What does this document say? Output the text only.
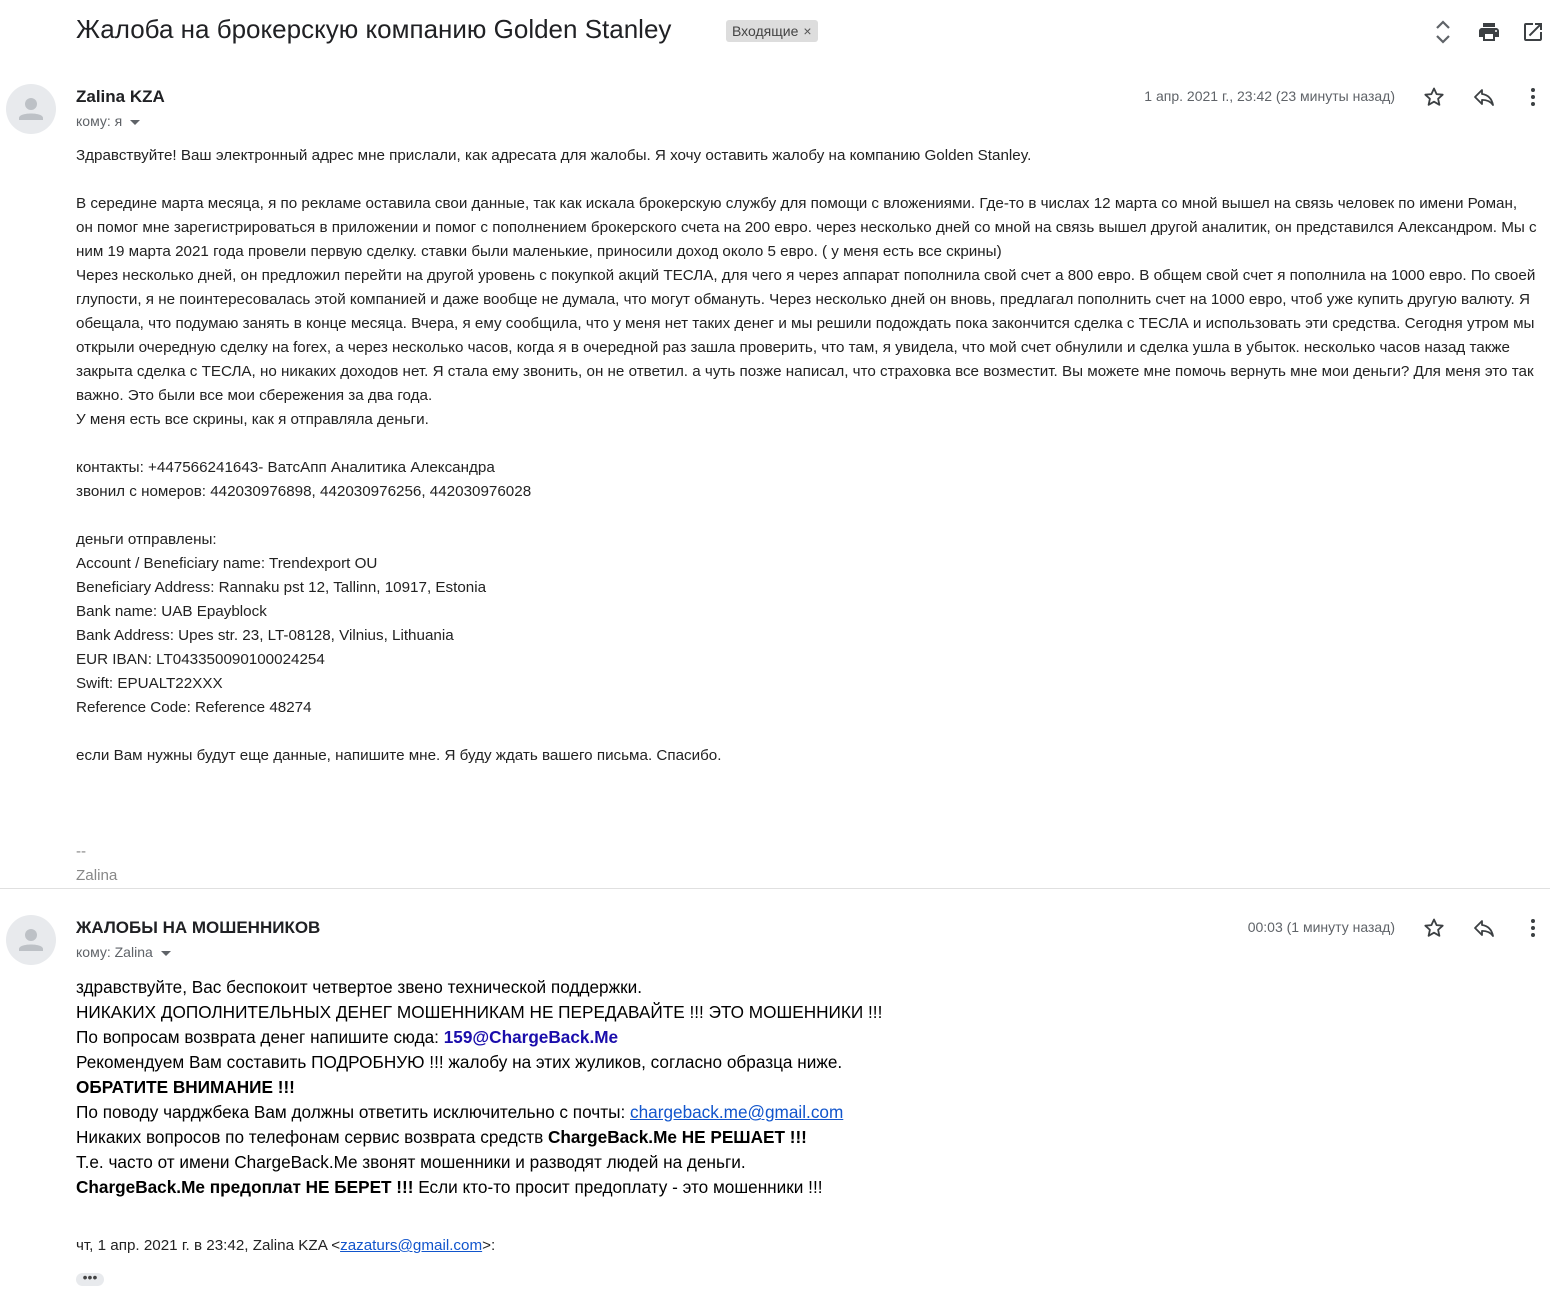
Жалоба на брокерскую компанию Golden Stanley	Входящие ×
Zalina KZA
кому: я
1 апр. 2021 г., 23:42 (23 минуты назад)

Здравствуйте! Ваш электронный адрес мне прислали, как адресата для жалобы. Я хочу оставить жалобу на компанию Golden Stanley.

В середине марта месяца, я по рекламе оставила свои данные, так как искала брокерскую службу для помощи с вложениями. Где-то в числах 12 марта со мной вышел на связь человек по имени Роман, он помог мне зарегистрироваться в приложении и помог с пополнением брокерского счета на 200 евро. через несколько дней со мной на связь вышел другой аналитик, он представился Александром. Мы с ним 19 марта 2021 года провели первую сделку. ставки были маленькие, приносили доход около 5 евро. ( у меня есть все скрины)

Через несколько дней, он предложил перейти на другой уровень с покупкой акций ТЕСЛА, для чего я через аппарат пополнила свой счет а 800 евро. В общем свой счет я пополнила на 1000 евро. По своей глупости, я не поинтересовалась этой компанией и даже вообще не думала, что могут обмануть. Через несколько дней он вновь, предлагал пополнить счет на 1000 евро, чтоб уже купить другую валюту. Я обещала, что подумаю занять в конце месяца. Вчера, я ему сообщила, что у меня нет таких денег и мы решили подождать пока закончится сделка с ТЕСЛА и использовать эти средства. Сегодня утром мы открыли очередную сделку на forex, а через несколько часов, когда я в очередной раз зашла проверить, что там, я увидела, что мой счет обнулили и сделка ушла в убыток. несколько часов назад также закрыта сделка с ТЕСЛА, но никаких доходов нет. Я стала ему звонить, он не ответил. а чуть позже написал, что страховка все возместит. Вы можете мне помочь вернуть мне мои деньги? Для меня это так важно. Это были все мои сбережения за два года.

У меня есть все скрины, как я отправляла деньги.

контакты: +447566241643- ВатсАпп Аналитика Александра

звонил с номеров: 442030976898, 442030976256, 442030976028

деньги отправлены:

Account / Beneficiary name: Trendexport OU

Beneficiary Address: Rannaku pst 12, Tallinn, 10917, Estonia

Bank name: UAB Epayblock

Bank Address: Upes str. 23, LT-08128, Vilnius, Lithuania

EUR IBAN: LT043350090100024254

Swift: EPUALT22XXX

Reference Code: Reference 48274

если Вам нужны будут еще данные, напишите мне. Я буду ждать вашего письма. Спасибо.

--

Zalina

ЖАЛОБЫ НА МОШЕННИКОВ
кому: Zalina
00:03 (1 минуту назад)

здравствуйте, Вас беспокоит четвертое звено технической поддержки.

НИКАКИХ ДОПОЛНИТЕЛЬНЫХ ДЕНЕГ МОШЕННИКАМ НЕ ПЕРЕДАВАЙТЕ !!! ЭТО МОШЕННИКИ !!!

По вопросам возврата денег напишите сюда: 159@ChargeBack.Me

Рекомендуем Вам составить ПОДРОБНУЮ !!! жалобу на этих жуликов, согласно образца ниже.

ОБРАТИТЕ ВНИМАНИЕ !!!

По поводу чарджбека Вам должны ответить исключительно с почты: chargeback.me@gmail.com

Никаких вопросов по телефонам сервис возврата средств ChargeBack.Me НЕ РЕШАЕТ !!!

Т.е. часто от имени ChargeBack.Me звонят мошенники и разводят людей на деньги.

ChargeBack.Me предоплат НЕ БЕРЕТ !!! Если кто-то просит предоплату - это мошенники !!!

чт, 1 апр. 2021 г. в 23:42, Zalina KZA <zazaturs@gmail.com>:
•••
